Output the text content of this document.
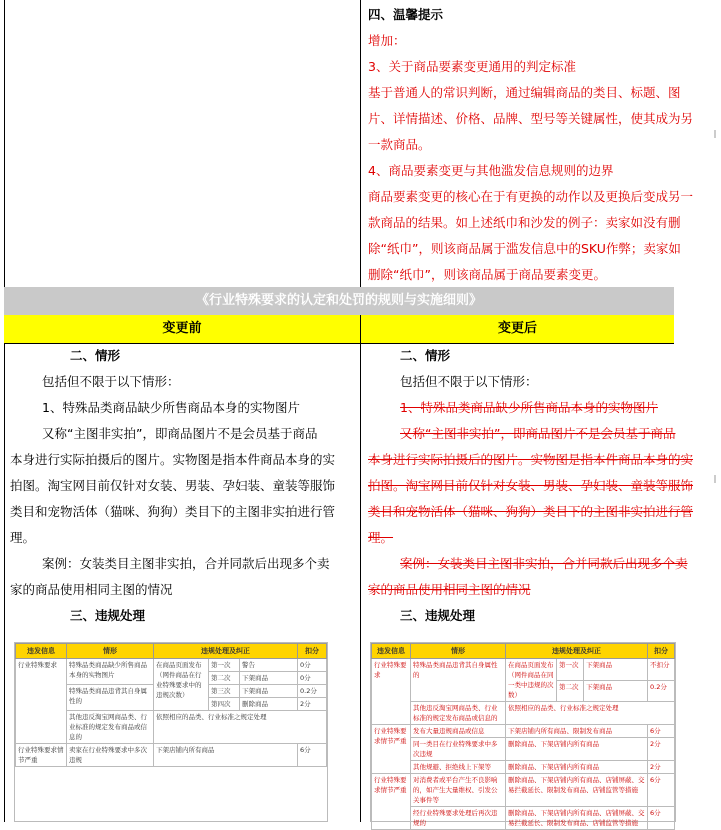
四、温馨提示
增加：
3、关于商品要素变更通用的判定标准
基于普通人的常识判断，通过编辑商品的类目、标题、图
片、详情描述、价格、品牌、型号等关键属性，使其成为另
一款商品。
4、商品要素变更与其他滥发信息规则的边界
商品要素变更的核心在于有更换的动作以及更换后变成另一
款商品的结果。如上述纸巾和沙发的例子：卖家如没有删
除“纸巾”，则该商品属于滥发信息中的SKU作弊；卖家如
删除“纸巾”，则该商品属于商品要素变更。
《行业特殊要求的认定和处罚的规则与实施细则》
变更前	变更后
二、情形
包括但不限于以下情形：
1、特殊品类商品缺少所售商品本身的实物图片
又称“主图非实拍”，即商品图片不是会员基于商品
本身进行实际拍摄后的图片。实物图是指本件商品本身的实
拍图。淘宝网目前仅针对女装、男装、孕妇装、童装等服饰
类目和宠物活体（猫咪、狗狗）类目下的主图非实拍进行管
理。
案例：女装类目主图非实拍，合并同款后出现多个卖
家的商品使用相同主图的情况
三、违规处理
违发信息	情形	违规处理及纠正			扣分
行业特殊要求	特殊品类商品缺少所售商品本身的实物图片	在商品页面发布（网件商品在行业特殊要求中的违规次数）	第一次	警告	0分
			第二次	下架商品	0分
	特殊品类商品违背其自身属性的		第三次	下架商品	0.2分
			第四次	删除商品	2分
	其他违反淘宝网商品类、行业标准的规定发布商品或信息的	依照相应的品类、行业标准之规定处理			
行业特殊要求情节严重	卖家在行业特殊要求中多次违规	下架店铺内所有商品			6分
二、情形
包括但不限于以下情形：
1、特殊品类商品缺少所售商品本身的实物图片
又称“主图非实拍”，即商品图片不是会员基于商品
本身进行实际拍摄后的图片。实物图是指本件商品本身的实
拍图。淘宝网目前仅针对女装、男装、孕妇装、童装等服饰
类目和宠物活体（猫咪、狗狗）类目下的主图非实拍进行管
理。
案例：女装类目主图非实拍，合并同款后出现多个卖
家的商品使用相同主图的情况
三、违规处理
违发信息	情形	违规处理及纠正			扣分
行业特殊要求	特殊品类商品违背其自身属性的	在商品页面发布（网件商品在同一类中违规的次数）	第一次	下架商品	不扣分
			第二次	下架商品	0.2分
	其他违反淘宝网商品类、行业标准的规定发布商品或信息的	依照相应的品类、行业标准之规定处理			
行业特殊要求情节严重	发布大量违规商品或信息	下架店铺内所有商品、限制发布商品			6分
	同一类目在行业特殊要求中多次违规	删除商品、下架店铺内所有商品			2分
	其他规避、拒绝线上下架等	删除商品、下架店铺内所有商品			2分
行业特殊要求情节严重	对消费者或平台产生不良影响的，如产生大量维权、引发公关事件等	删除商品、下架店铺内所有商品、店铺屏蔽、交易拦截延长、限制发布商品、店铺监管等措施			6分
	经行业特殊要求处理后再次违规的	删除商品、下架店铺内所有商品、店铺屏蔽、交易拦截延长、限制发布商品、店铺监管等措施			6分
